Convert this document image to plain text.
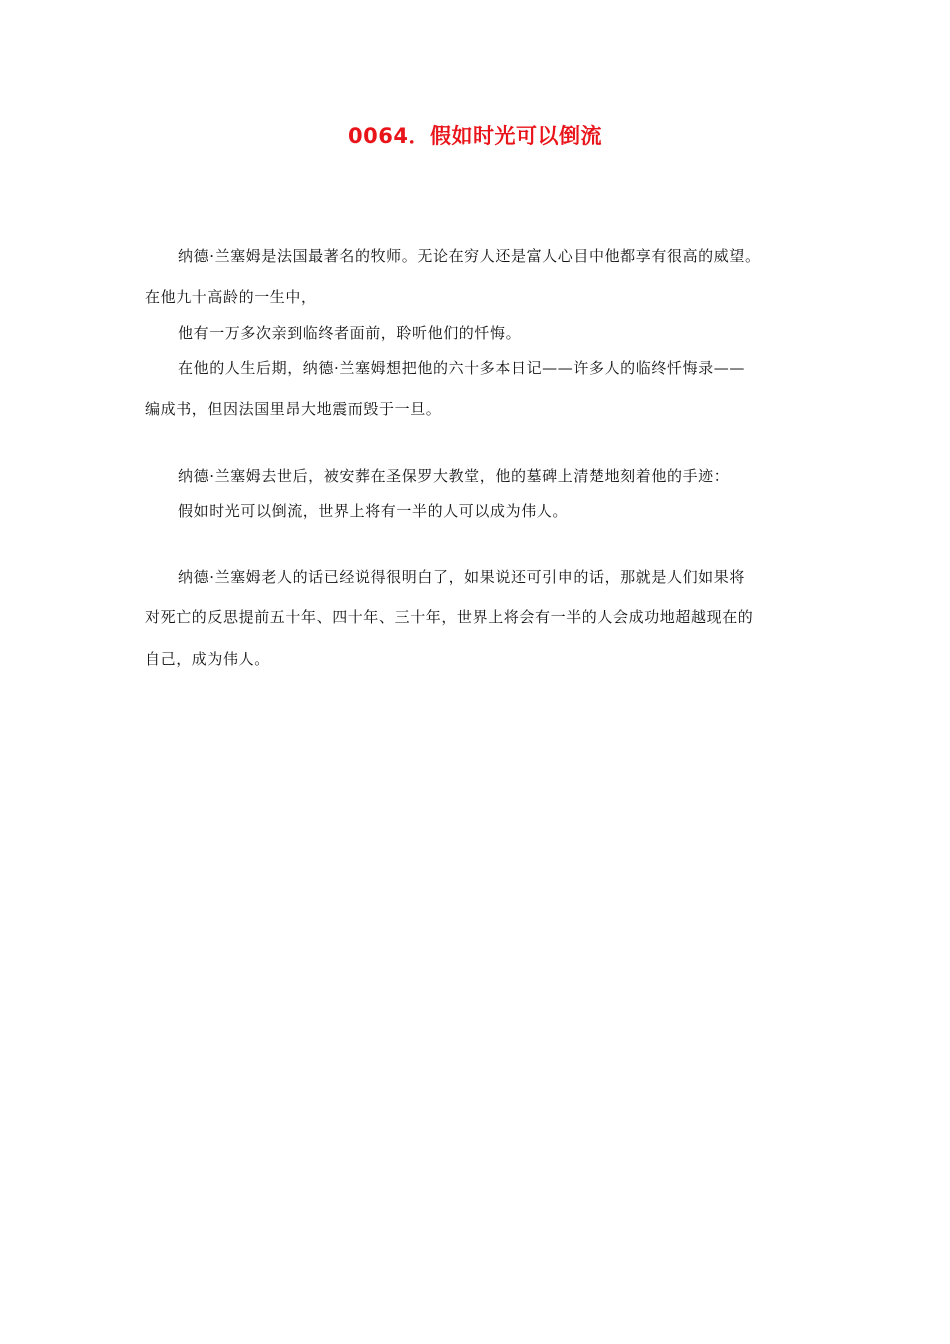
0064．假如时光可以倒流
纳德·兰塞姆是法国最著名的牧师。无论在穷人还是富人心目中他都享有很高的威望。
在他九十高龄的一生中，
他有一万多次亲到临终者面前，聆听他们的忏悔。
在他的人生后期，纳德·兰塞姆想把他的六十多本日记——许多人的临终忏悔录——
编成书，但因法国里昂大地震而毁于一旦。
纳德·兰塞姆去世后，被安葬在圣保罗大教堂，他的墓碑上清楚地刻着他的手迹：
假如时光可以倒流，世界上将有一半的人可以成为伟人。
纳德·兰塞姆老人的话已经说得很明白了，如果说还可引申的话，那就是人们如果将
对死亡的反思提前五十年、四十年、三十年，世界上将会有一半的人会成功地超越现在的
自己，成为伟人。
